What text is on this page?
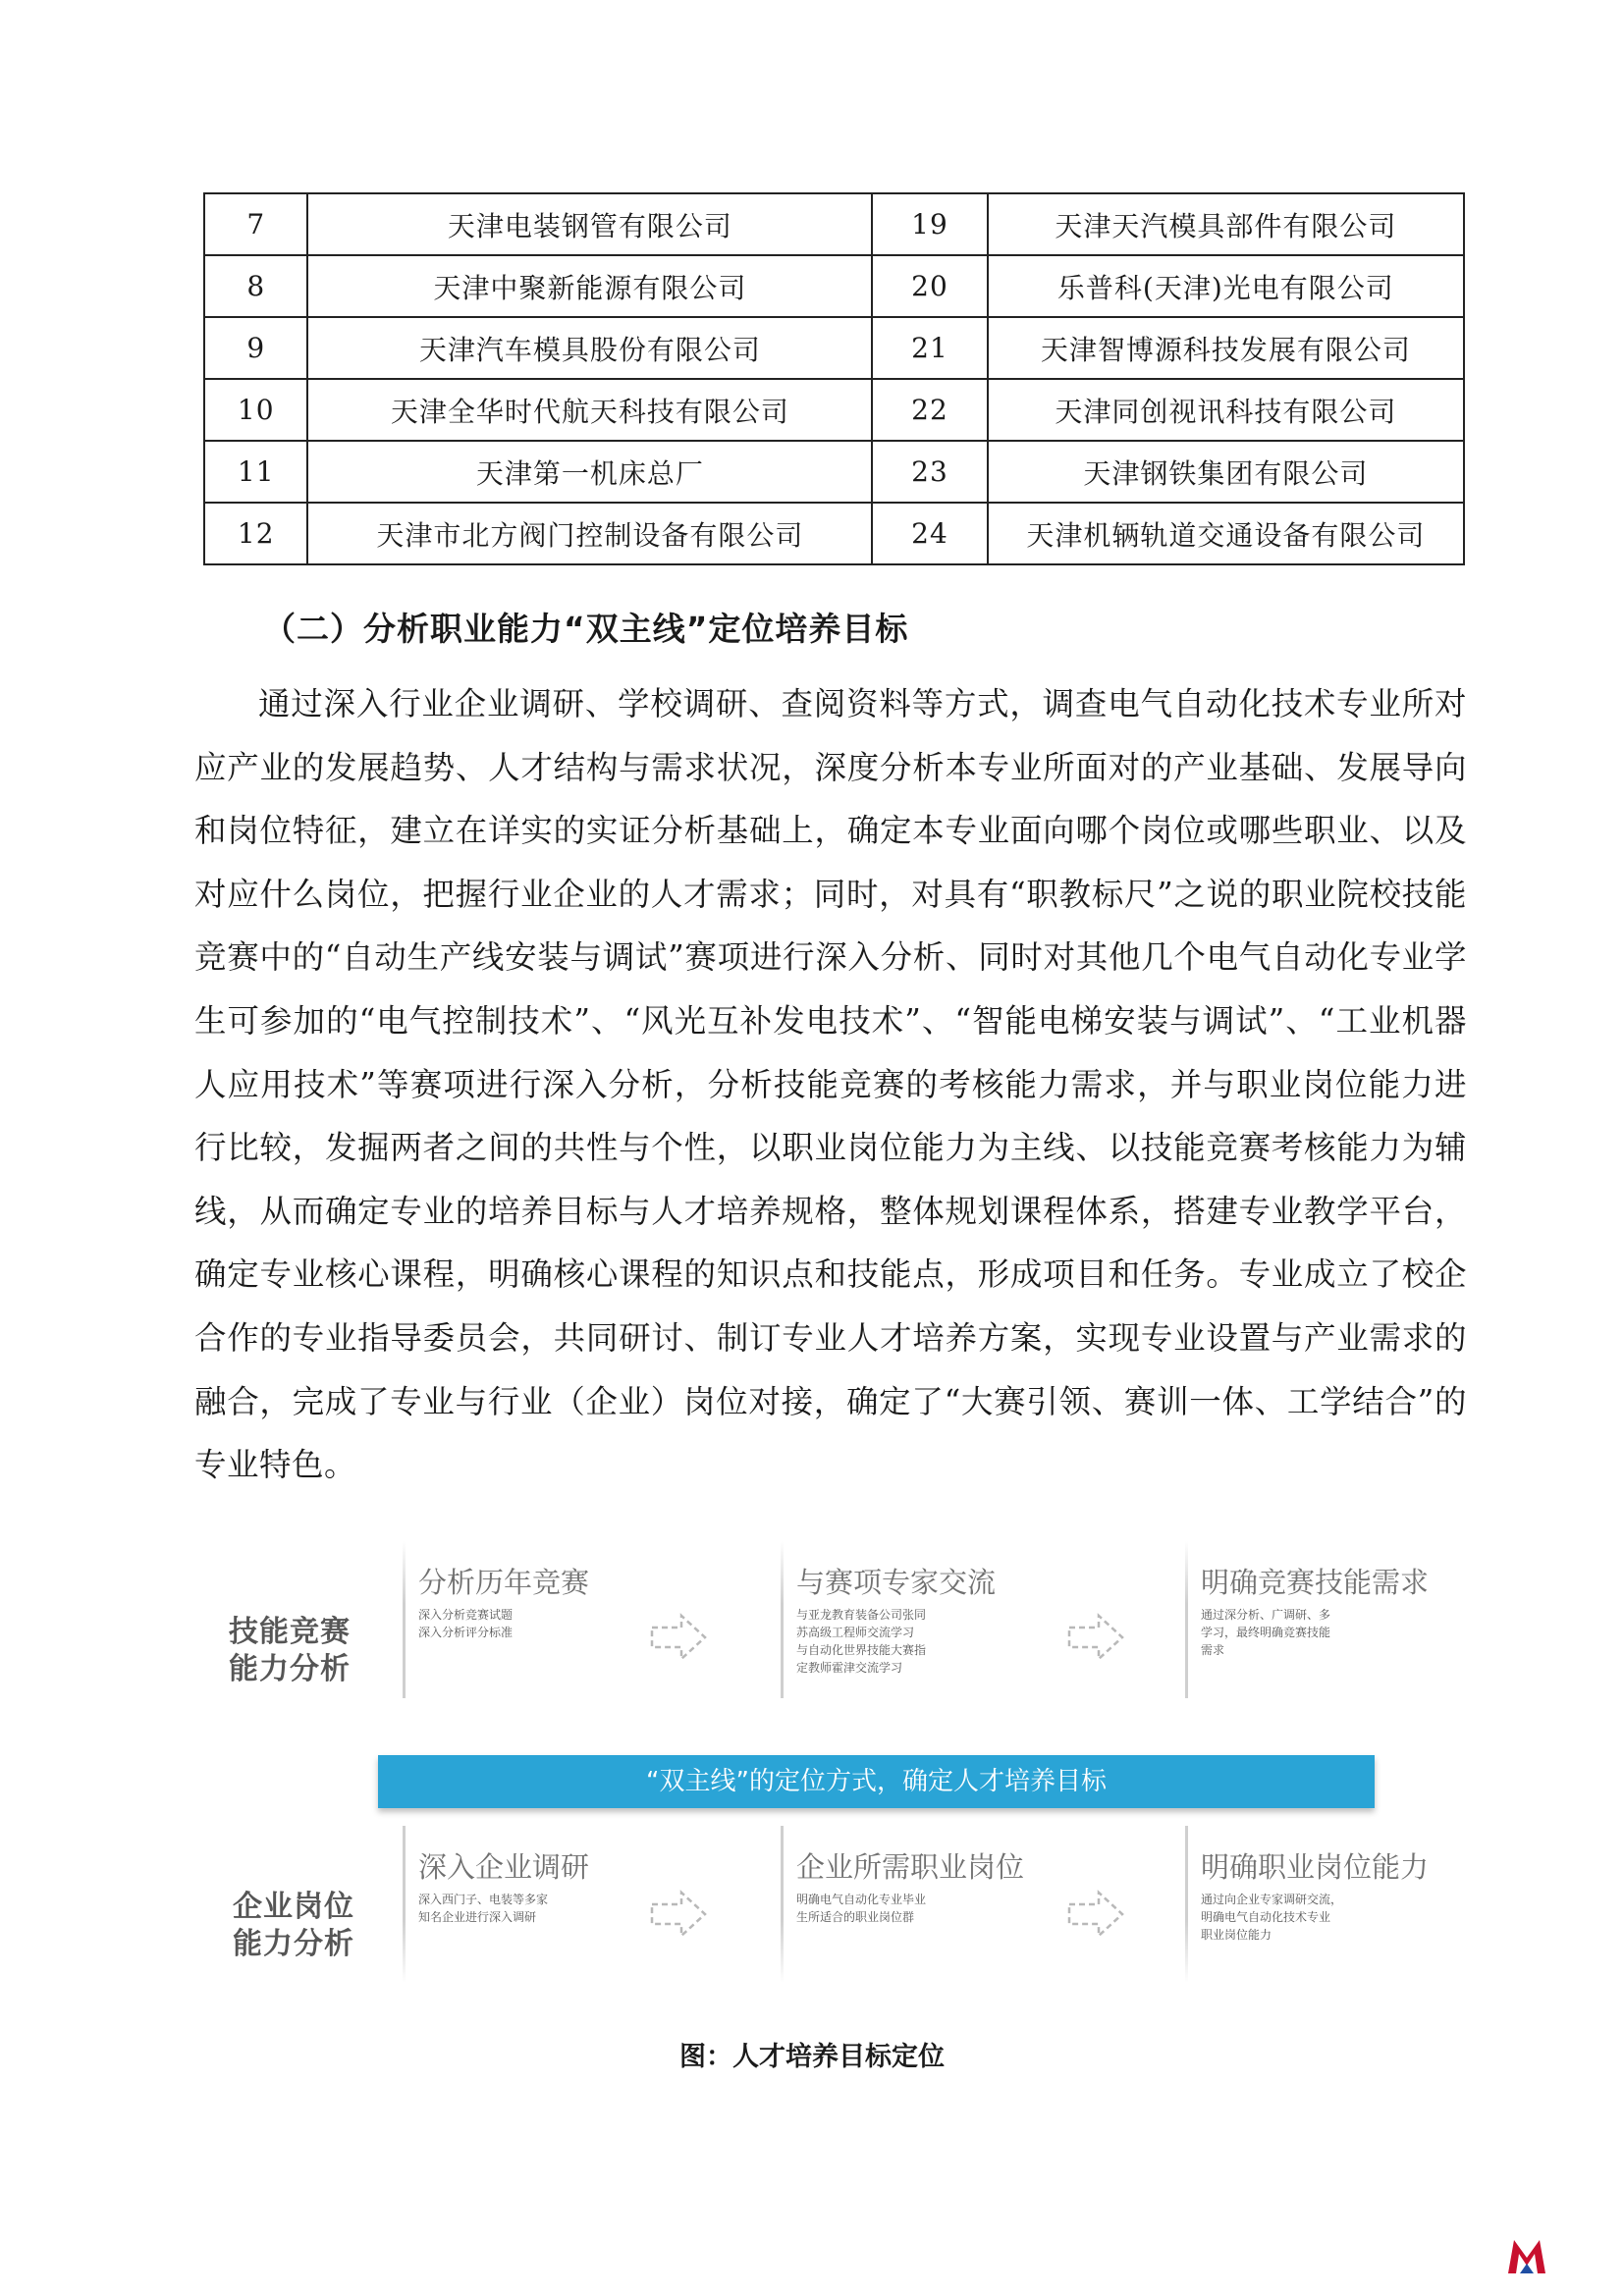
7	天津电装钢管有限公司	19	天津天汽模具部件有限公司
8	天津中聚新能源有限公司	20	乐普科(天津)光电有限公司
9	天津汽车模具股份有限公司	21	天津智博源科技发展有限公司
10	天津全华时代航天科技有限公司	22	天津同创视讯科技有限公司
11	天津第一机床总厂	23	天津钢铁集团有限公司
12	天津市北方阀门控制设备有限公司	24	天津机辆轨道交通设备有限公司
（二）分析职业能力“双主线”定位培养目标

通过深入行业企业调研、学校调研、查阅资料等方式，调查电气自动化技术专业所对应产业的发展趋势、人才结构与需求状况，深度分析本专业所面对的产业基础、发展导向和岗位特征，建立在详实的实证分析基础上，确定本专业面向哪个岗位或哪些职业、以及对应什么岗位，把握行业企业的人才需求；同时，对具有“职教标尺”之说的职业院校技能竞赛中的“自动生产线安装与调试”赛项进行深入分析、同时对其他几个电气自动化专业学生可参加的“电气控制技术”、“风光互补发电技术”、“智能电梯安装与调试”、“工业机器人应用技术”等赛项进行深入分析，分析技能竞赛的考核能力需求，并与职业岗位能力进行比较，发掘两者之间的共性与个性，以职业岗位能力为主线、以技能竞赛考核能力为辅线，从而确定专业的培养目标与人才培养规格，整体规划课程体系，搭建专业教学平台，确定专业核心课程，明确核心课程的知识点和技能点，形成项目和任务。专业成立了校企合作的专业指导委员会，共同研讨、制订专业人才培养方案，实现专业设置与产业需求的融合，完成了专业与行业（企业）岗位对接，确定了“大赛引领、赛训一体、工学结合”的专业特色。

技能竞赛
能力分析
企业岗位
能力分析
分析历年竞赛
深入分析竞赛试题
深入分析评分标准
与赛项专家交流
与亚龙教育装备公司张同
苏高级工程师交流学习
与自动化世界技能大赛指
定教师霍津交流学习
明确竞赛技能需求
通过深分析、广调研、多
学习，最终明确竞赛技能
需求
“双主线”的定位方式，确定人才培养目标
深入企业调研
深入西门子、电装等多家
知名企业进行深入调研
企业所需职业岗位
明确电气自动化专业毕业
生所适合的职业岗位群
明确职业岗位能力
通过向企业专家调研交流，
明确电气自动化技术专业
职业岗位能力

图：人才培养目标定位
